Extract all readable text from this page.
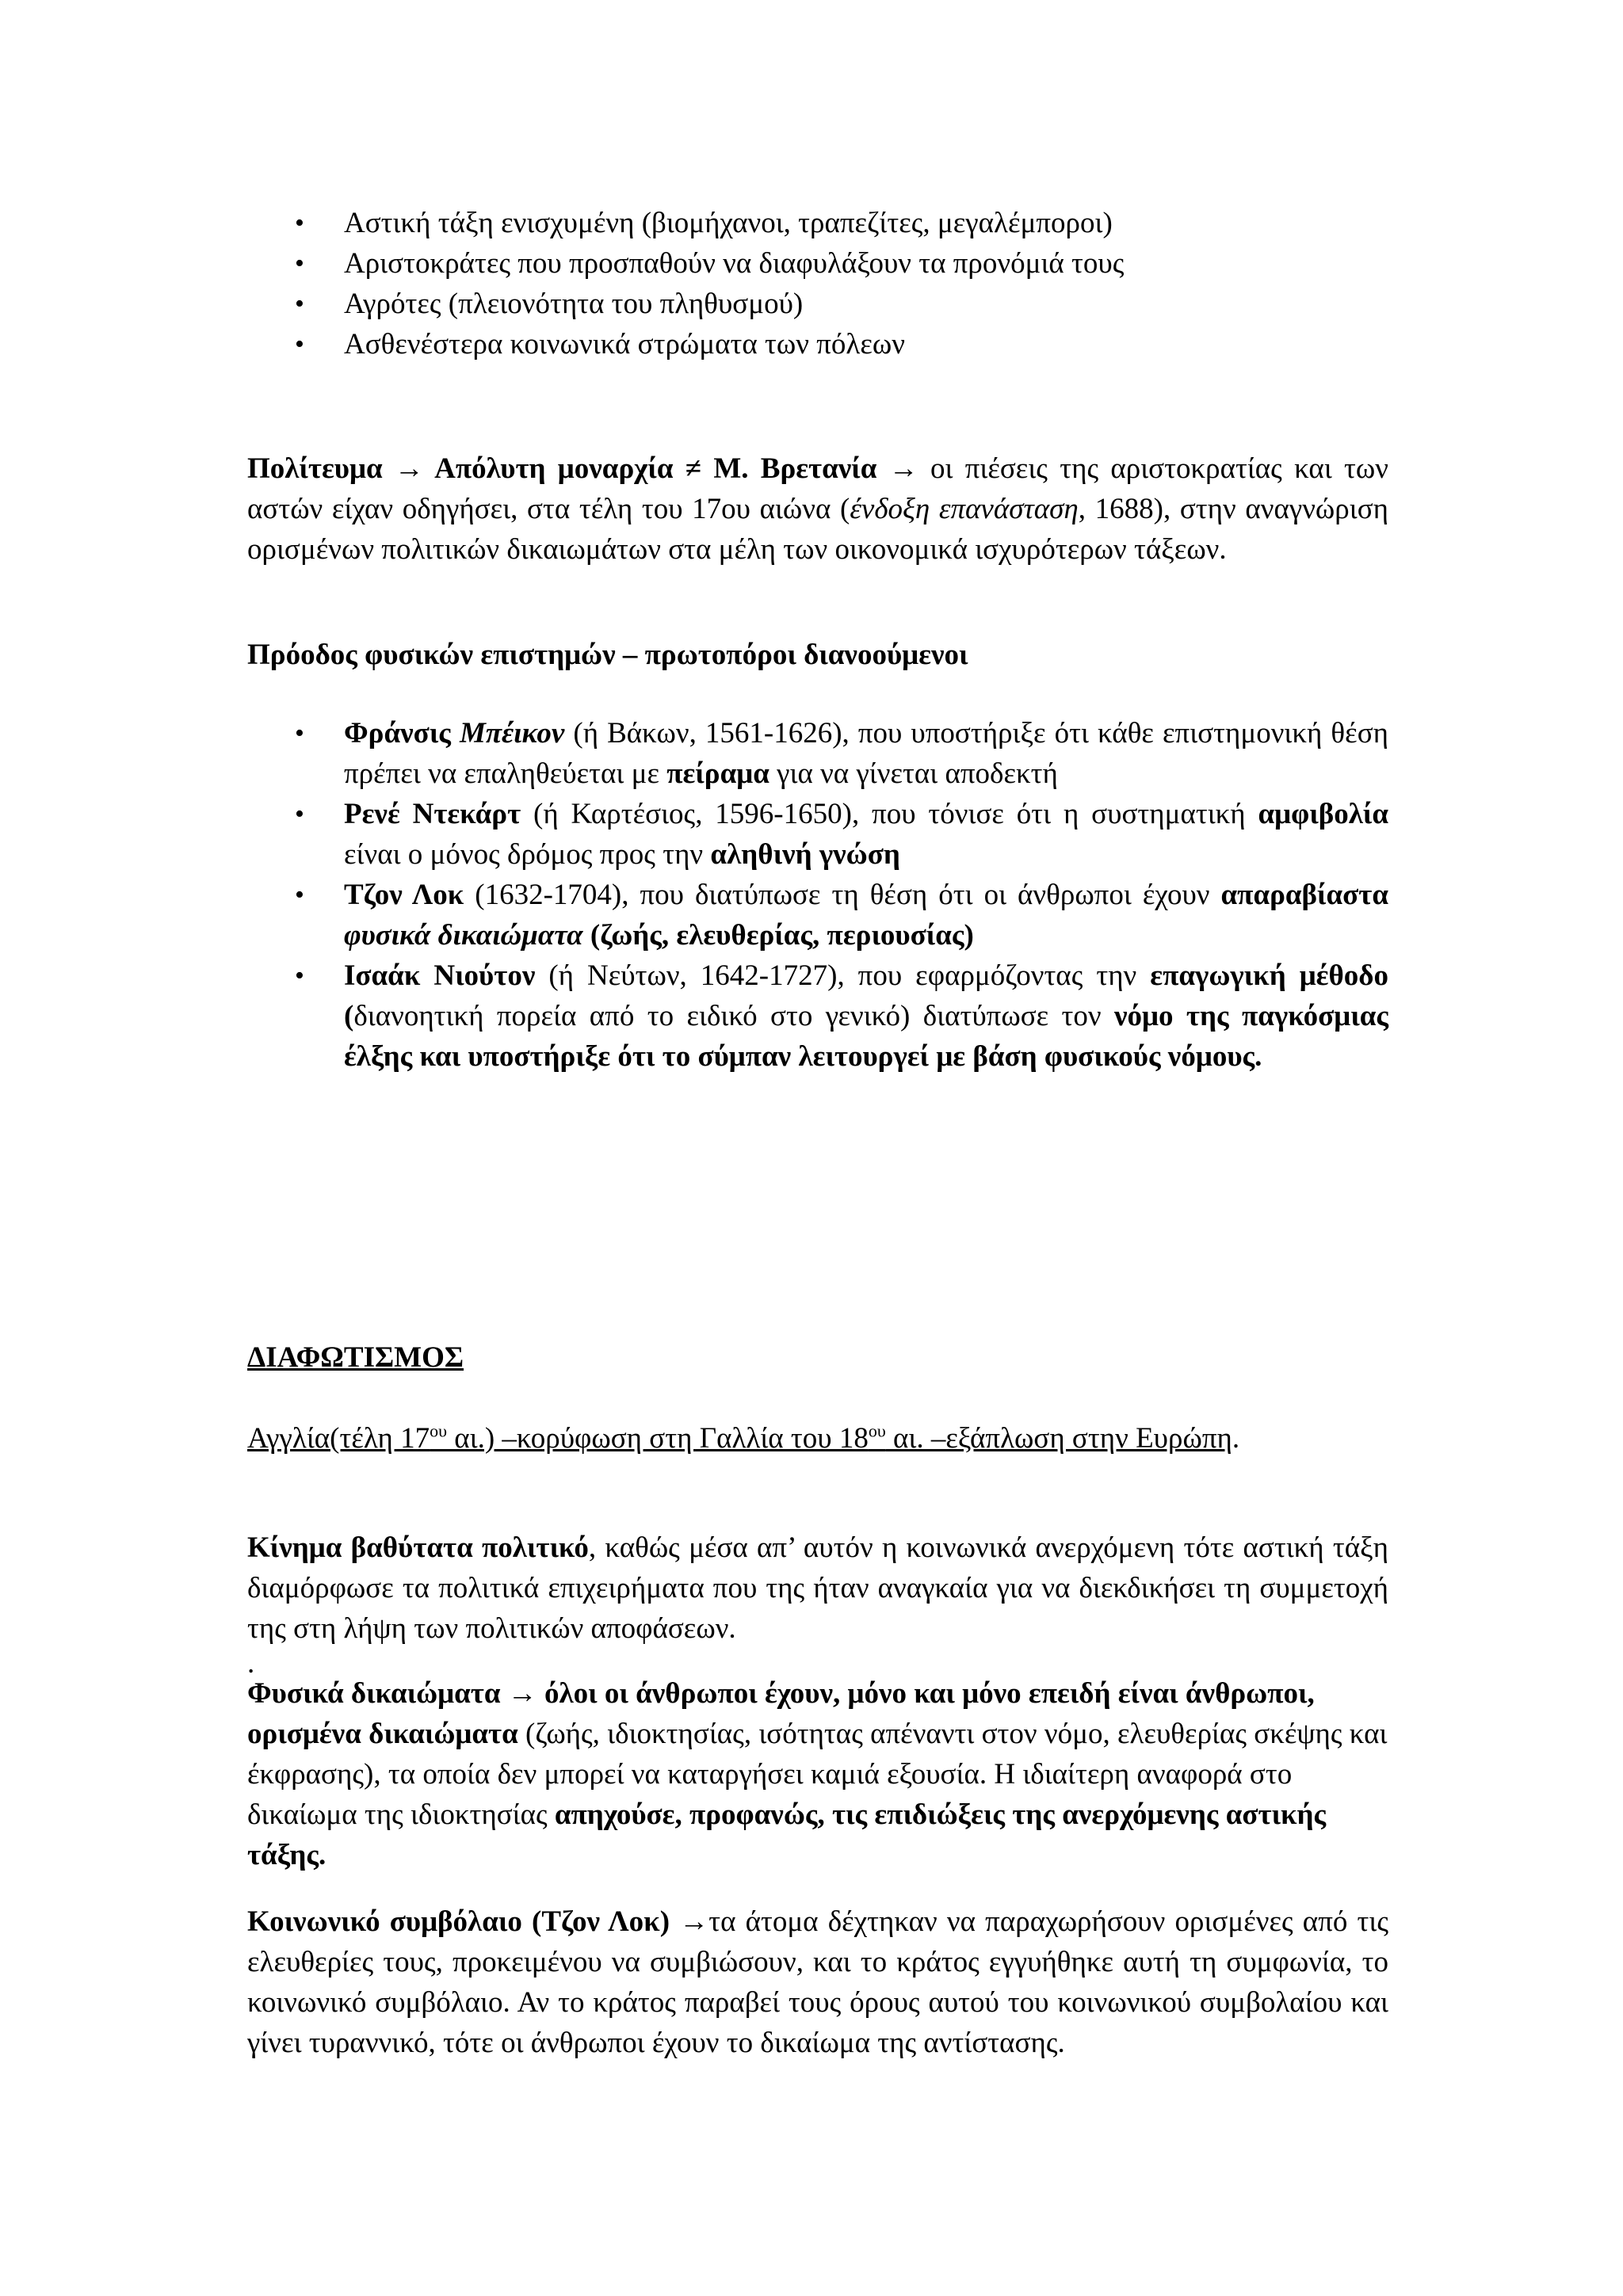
• Αστική τάξη ενισχυμένη (βιομήχανοι, τραπεζίτες, μεγαλέμποροι)
• Αριστοκράτες που προσπαθούν να διαφυλάξουν τα προνόμιά τους
• Αγρότες (πλειονότητα του πληθυσμού)
• Ασθενέστερα κοινωνικά στρώματα των πόλεων

Πολίτευμα → Απόλυτη μοναρχία ≠ Μ. Βρετανία → οι πιέσεις της αριστοκρατίας και των αστών είχαν οδηγήσει, στα τέλη του 17ου αιώνα (ένδοξη επανάσταση, 1688), στην αναγνώριση ορισμένων πολιτικών δικαιωμάτων στα μέλη των οικονομικά ισχυρότερων τάξεων.

Πρόοδος φυσικών επιστημών – πρωτοπόροι διανοούμενοι

• Φράνσις Μπέικον (ή Βάκων, 1561-1626), που υποστήριξε ότι κάθε επιστημονική θέση πρέπει να επαληθεύεται με πείραμα για να γίνεται αποδεκτή
• Ρενέ Ντεκάρτ (ή Καρτέσιος, 1596-1650), που τόνισε ότι η συστηματική αμφιβολία είναι ο μόνος δρόμος προς την αληθινή γνώση
• Τζον Λοκ (1632-1704), που διατύπωσε τη θέση ότι οι άνθρωποι έχουν απαραβίαστα φυσικά δικαιώματα (ζωής, ελευθερίας, περιουσίας)
• Ισαάκ Νιούτον (ή Νεύτων, 1642-1727), που εφαρμόζοντας την επαγωγική μέθοδο (διανοητική πορεία από το ειδικό στο γενικό) διατύπωσε τον νόμο της παγκόσμιας έλξης και υποστήριξε ότι το σύμπαν λειτουργεί με βάση φυσικούς νόμους.
ΔΙΑΦΩΤΙΣΜΟΣ

Αγγλία(τέλη $17^{o\upsilon}$ αι.) –κορύφωση στη Γαλλία του $18^{o\upsilon}$ αι. –εξάπλωση στην Ευρώπη.

Κίνημα βαθύτατα πολιτικό, καθώς μέσα απ’ αυτόν η κοινωνικά ανερχόμενη τότε αστική τάξη διαμόρφωσε τα πολιτικά επιχειρήματα που της ήταν αναγκαία για να διεκδικήσει τη συμμετοχή της στη λήψη των πολιτικών αποφάσεων.

.

Φυσικά δικαιώματα → όλοι οι άνθρωποι έχουν, μόνο και μόνο επειδή είναι άνθρωποι, ορισμένα δικαιώματα (ζωής, ιδιοκτησίας, ισότητας απέναντι στον νόμο, ελευθερίας σκέψης και έκφρασης), τα οποία δεν μπορεί να καταργήσει καμιά εξουσία. Η ιδιαίτερη αναφορά στο δικαίωμα της ιδιοκτησίας απηχούσε, προφανώς, τις επιδιώξεις της ανερχόμενης αστικής τάξης.

Κοινωνικό συμβόλαιο (Τζον Λοκ) →τα άτομα δέχτηκαν να παραχωρήσουν ορισμένες από τις ελευθερίες τους, προκειμένου να συμβιώσουν, και το κράτος εγγυήθηκε αυτή τη συμφωνία, το κοινωνικό συμβόλαιο. Αν το κράτος παραβεί τους όρους αυτού του κοινωνικού συμβολαίου και γίνει τυραννικό, τότε οι άνθρωποι έχουν το δικαίωμα της αντίστασης.
